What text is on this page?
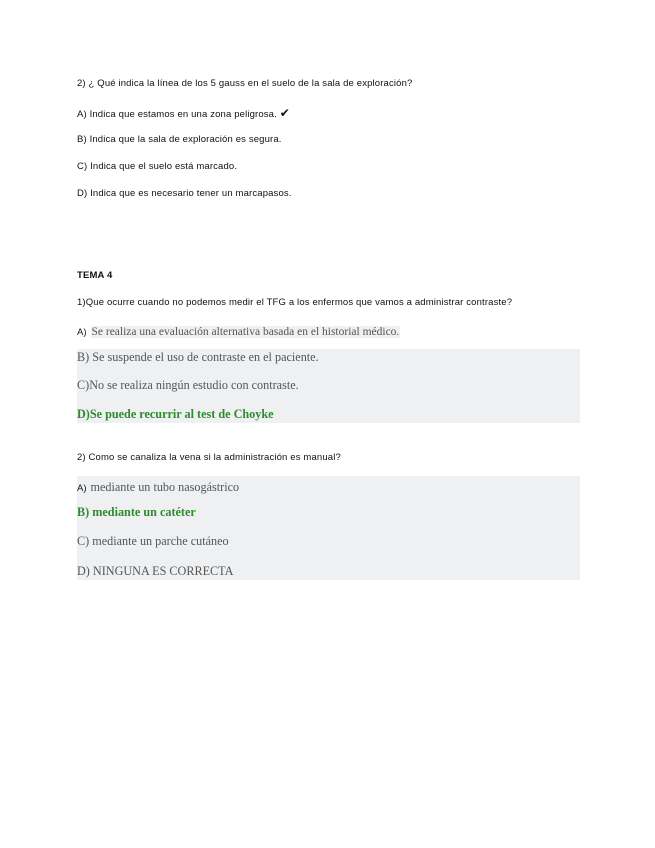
2) ¿ Qué indica la línea de los 5 gauss en el suelo de la sala de exploración?
A) Indica que estamos en una zona peligrosa. ✔
B) Indica que la sala de exploración es segura.
C) Indica que el suelo está marcado.
D) Indica que es necesario tener un marcapasos.
TEMA 4
1)Que ocurre cuando no podemos medir el TFG a los enfermos que vamos a administrar contraste?
A) Se realiza una evaluación alternativa basada en el historial médico.
B) Se suspende el uso de contraste en el paciente.
C)No se realiza ningún estudio con contraste.
D)Se puede recurrir al test de Choyke
2) Como se canaliza la vena si la administración es manual?
A) mediante un tubo nasogástrico
B) mediante un catéter
C) mediante un parche cutáneo
D) NINGUNA ES CORRECTA
